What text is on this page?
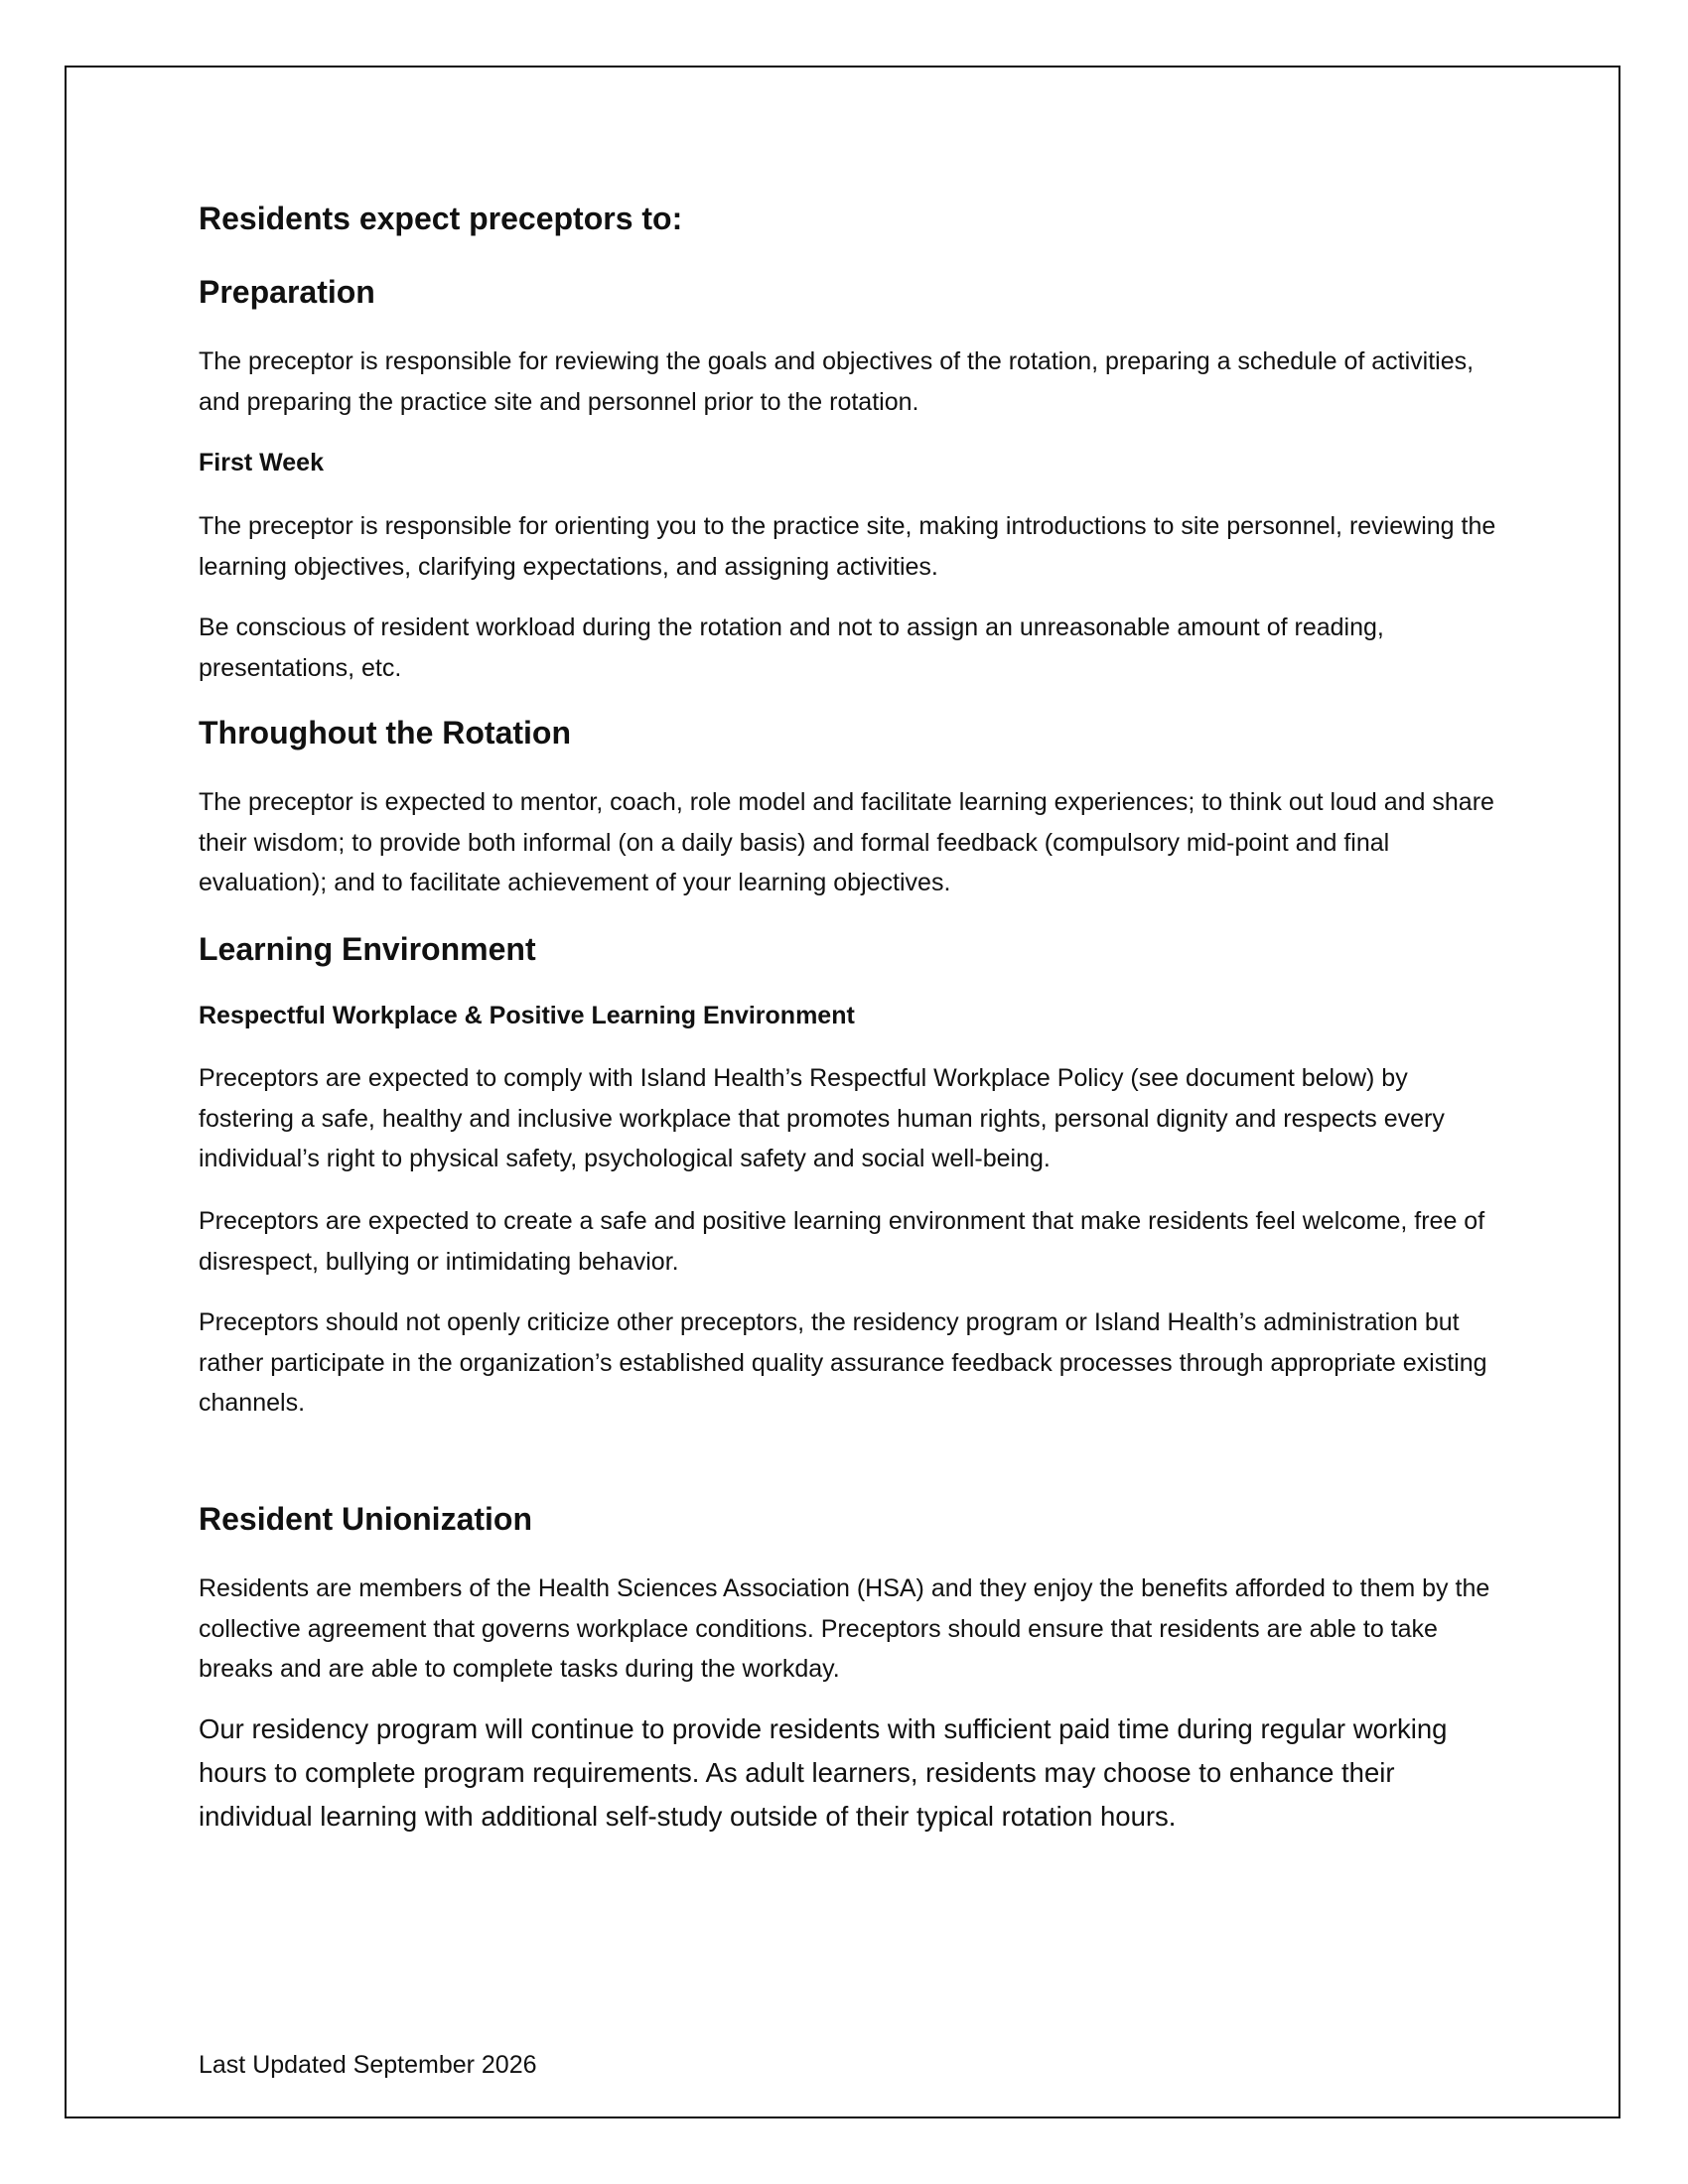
Residents expect preceptors to:
Preparation
The preceptor is responsible for reviewing the goals and objectives of the rotation, preparing a schedule of activities, and preparing the practice site and personnel prior to the rotation.
First Week
The preceptor is responsible for orienting you to the practice site, making introductions to site personnel, reviewing the learning objectives, clarifying expectations, and assigning activities.
Be conscious of resident workload during the rotation and not to assign an unreasonable amount of reading, presentations, etc.
Throughout the Rotation
The preceptor is expected to mentor, coach, role model and facilitate learning experiences; to think out loud and share their wisdom; to provide both informal (on a daily basis) and formal feedback (compulsory mid-point and final evaluation); and to facilitate achievement of your learning objectives.
Learning Environment
Respectful Workplace & Positive Learning Environment
Preceptors are expected to comply with Island Health’s Respectful Workplace Policy (see document below) by fostering a safe, healthy and inclusive workplace that promotes human rights, personal dignity and respects every individual’s right to physical safety, psychological safety and social well-being.
Preceptors are expected to create a safe and positive learning environment that make residents feel welcome, free of disrespect, bullying or intimidating behavior.
Preceptors should not openly criticize other preceptors, the residency program or Island Health’s administration but rather participate in the organization’s established quality assurance feedback processes through appropriate existing channels.
Resident Unionization
Residents are members of the Health Sciences Association (HSA) and they enjoy the benefits afforded to them by the collective agreement that governs workplace conditions. Preceptors should ensure that residents are able to take breaks and are able to complete tasks during the workday.
Our residency program will continue to provide residents with sufficient paid time during regular working hours to complete program requirements. As adult learners, residents may choose to enhance their individual learning with additional self-study outside of their typical rotation hours.
Last Updated September 2026
